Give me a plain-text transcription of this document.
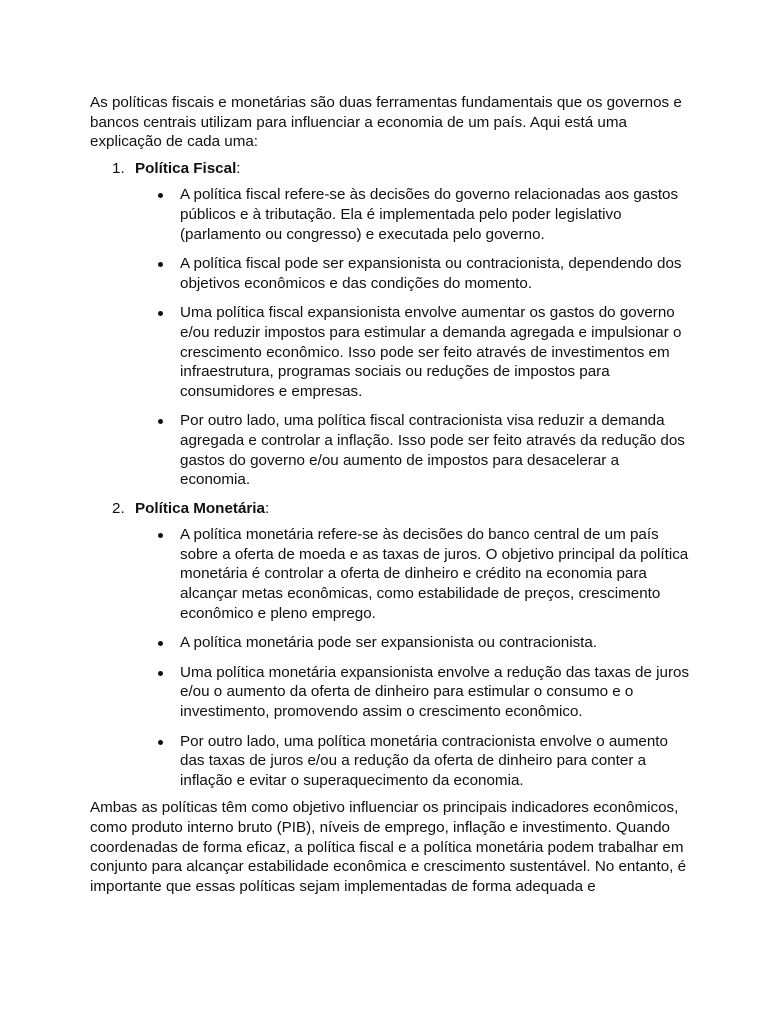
As políticas fiscais e monetárias são duas ferramentas fundamentais que os governos e bancos centrais utilizam para influenciar a economia de um país. Aqui está uma explicação de cada uma:

1. Política Fiscal:
A política fiscal refere-se às decisões do governo relacionadas aos gastos públicos e à tributação. Ela é implementada pelo poder legislativo (parlamento ou congresso) e executada pelo governo.
A política fiscal pode ser expansionista ou contracionista, dependendo dos objetivos econômicos e das condições do momento.
Uma política fiscal expansionista envolve aumentar os gastos do governo e/ou reduzir impostos para estimular a demanda agregada e impulsionar o crescimento econômico. Isso pode ser feito através de investimentos em infraestrutura, programas sociais ou reduções de impostos para consumidores e empresas.
Por outro lado, uma política fiscal contracionista visa reduzir a demanda agregada e controlar a inflação. Isso pode ser feito através da redução dos gastos do governo e/ou aumento de impostos para desacelerar a economia.
2. Política Monetária:
A política monetária refere-se às decisões do banco central de um país sobre a oferta de moeda e as taxas de juros. O objetivo principal da política monetária é controlar a oferta de dinheiro e crédito na economia para alcançar metas econômicas, como estabilidade de preços, crescimento econômico e pleno emprego.
A política monetária pode ser expansionista ou contracionista.
Uma política monetária expansionista envolve a redução das taxas de juros e/ou o aumento da oferta de dinheiro para estimular o consumo e o investimento, promovendo assim o crescimento econômico.
Por outro lado, uma política monetária contracionista envolve o aumento das taxas de juros e/ou a redução da oferta de dinheiro para conter a inflação e evitar o superaquecimento da economia.

Ambas as políticas têm como objetivo influenciar os principais indicadores econômicos, como produto interno bruto (PIB), níveis de emprego, inflação e investimento. Quando coordenadas de forma eficaz, a política fiscal e a política monetária podem trabalhar em conjunto para alcançar estabilidade econômica e crescimento sustentável. No entanto, é importante que essas políticas sejam implementadas de forma adequada e
